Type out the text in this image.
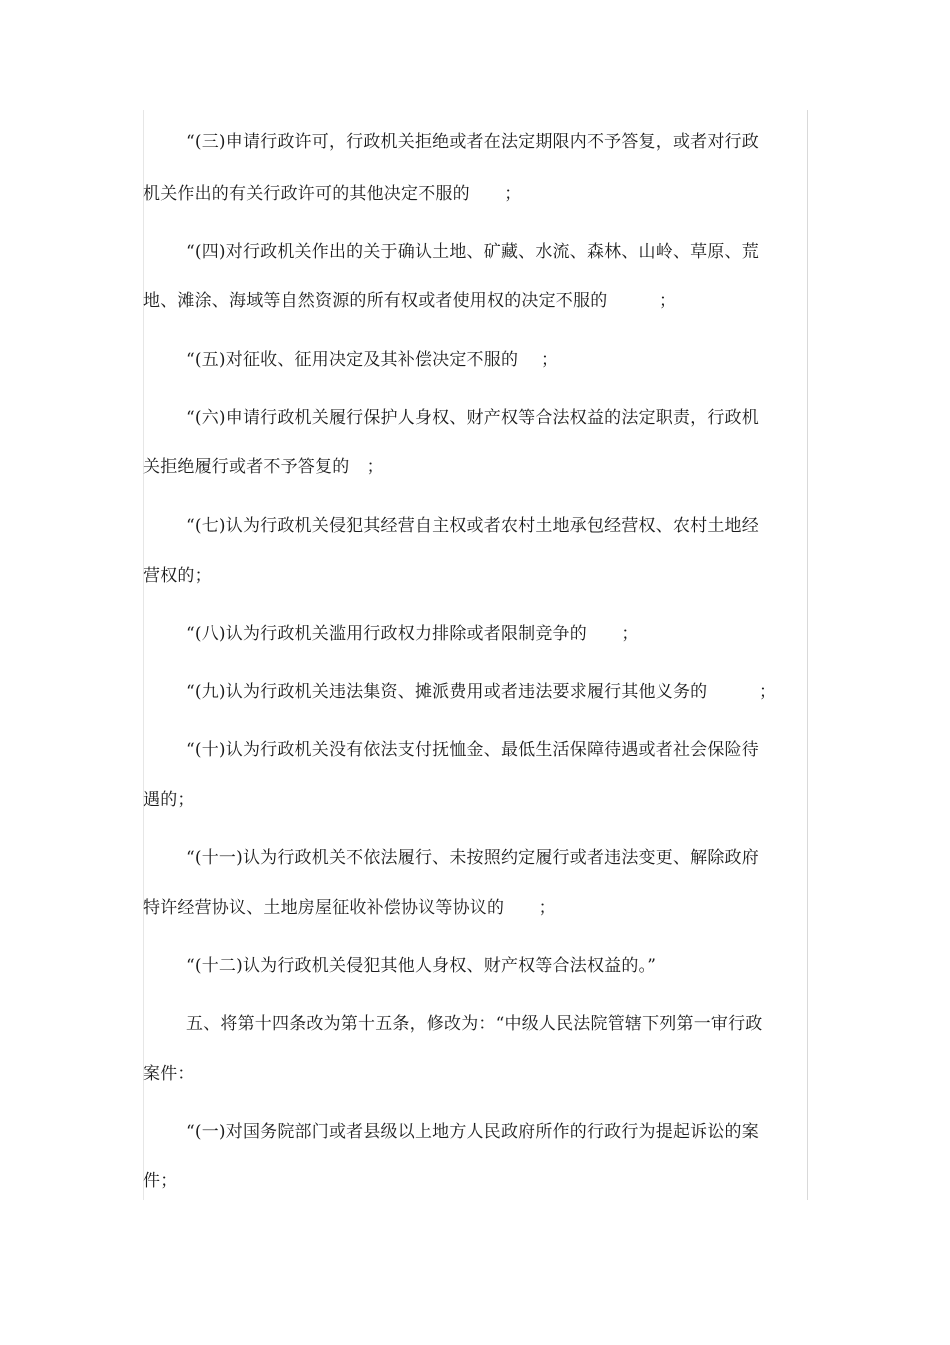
“(三)申请行政许可，行政机关拒绝或者在法定期限内不予答复，或者对行政
机关作出的有关行政许可的其他决定不服的　　；
“(四)对行政机关作出的关于确认土地、矿藏、水流、森林、山岭、草原、荒
地、滩涂、海域等自然资源的所有权或者使用权的决定不服的　　　；
“(五)对征收、征用决定及其补偿决定不服的　 ；
“(六)申请行政机关履行保护人身权、财产权等合法权益的法定职责，行政机
关拒绝履行或者不予答复的　；
“(七)认为行政机关侵犯其经营自主权或者农村土地承包经营权、农村土地经
营权的；
“(八)认为行政机关滥用行政权力排除或者限制竞争的　　；
“(九)认为行政机关违法集资、摊派费用或者违法要求履行其他义务的　　　；
“(十)认为行政机关没有依法支付抚恤金、最低生活保障待遇或者社会保险待
遇的；
“(十一)认为行政机关不依法履行、未按照约定履行或者违法变更、解除政府
特许经营协议、土地房屋征收补偿协议等协议的　　；
“(十二)认为行政机关侵犯其他人身权、财产权等合法权益的。”
五、将第十四条改为第十五条，修改为：“中级人民法院管辖下列第一审行政
案件：
“(一)对国务院部门或者县级以上地方人民政府所作的行政行为提起诉讼的案
件；
